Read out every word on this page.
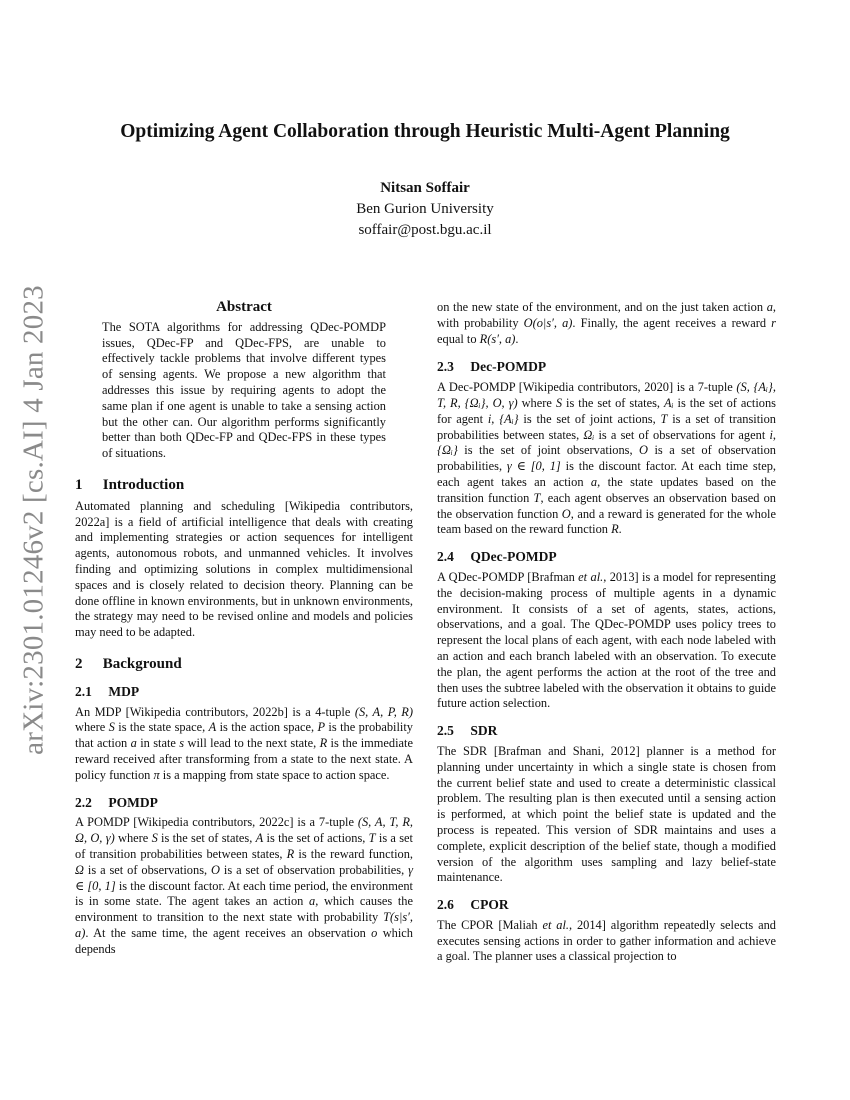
arXiv:2301.01246v2 [cs.AI] 4 Jan 2023
Optimizing Agent Collaboration through Heuristic Multi-Agent Planning
Nitsan Soffair
Ben Gurion University
soffair@post.bgu.ac.il
Abstract

The SOTA algorithms for addressing QDec-POMDP issues, QDec-FP and QDec-FPS, are unable to effectively tackle problems that involve different types of sensing agents. We propose a new algorithm that addresses this issue by requiring agents to adopt the same plan if one agent is unable to take a sensing action but the other can. Our algorithm performs significantly better than both QDec-FP and QDec-FPS in these types of situations.

1 Introduction

Automated planning and scheduling [Wikipedia contributors, 2022a] is a field of artificial intelligence that deals with creating and implementing strategies or action sequences for intelligent agents, autonomous robots, and unmanned vehicles. It involves finding and optimizing solutions in complex multidimensional spaces and is closely related to decision theory. Planning can be done offline in known environments, but in unknown environments, the strategy may need to be revised online and models and policies may need to be adapted.

2 Background
2.1 MDP

An MDP [Wikipedia contributors, 2022b] is a 4-tuple (S, A, P, R) where S is the state space, A is the action space, P is the probability that action a in state s will lead to the next state, R is the immediate reward received after transforming from a state to the next state. A policy function π is a mapping from state space to action space.

2.2 POMDP

A POMDP [Wikipedia contributors, 2022c] is a 7-tuple (S, A, T, R, Ω, O, γ) where S is the set of states, A is the set of actions, T is a set of transition probabilities between states, R is the reward function, Ω is a set of observations, O is a set of observation probabilities, γ ∈ [0, 1] is the discount factor. At each time period, the environment is in some state. The agent takes an action a, which causes the environment to transition to the next state with probability T(s|s′, a). At the same time, the agent receives an observation o which depends

on the new state of the environment, and on the just taken action a, with probability O(o|s′, a). Finally, the agent receives a reward r equal to R(s′, a).

2.3 Dec-POMDP

A Dec-POMDP [Wikipedia contributors, 2020] is a 7-tuple (S, {Aᵢ}, T, R, {Ωᵢ}, O, γ) where S is the set of states, Aᵢ is the set of actions for agent i, {Aᵢ} is the set of joint actions, T is a set of transition probabilities between states, Ωᵢ is a set of observations for agent i, {Ωᵢ} is the set of joint observations, O is a set of observation probabilities, γ ∈ [0, 1] is the discount factor. At each time step, each agent takes an action a, the state updates based on the transition function T, each agent observes an observation based on the observation function O, and a reward is generated for the whole team based on the reward function R.

2.4 QDec-POMDP

A QDec-POMDP [Brafman et al., 2013] is a model for representing the decision-making process of multiple agents in a dynamic environment. It consists of a set of agents, states, actions, observations, and a goal. The QDec-POMDP uses policy trees to represent the local plans of each agent, with each node labeled with an action and each branch labeled with an observation. To execute the plan, the agent performs the action at the root of the tree and then uses the subtree labeled with the observation it obtains to guide future action selection.

2.5 SDR

The SDR [Brafman and Shani, 2012] planner is a method for planning under uncertainty in which a single state is chosen from the current belief state and used to create a deterministic classical problem. The resulting plan is then executed until a sensing action is performed, at which point the belief state is updated and the process is repeated. This version of SDR maintains and uses a complete, explicit description of the belief state, though a modified version of the algorithm uses sampling and lazy belief-state maintenance.

2.6 CPOR

The CPOR [Maliah et al., 2014] algorithm repeatedly selects and executes sensing actions in order to gather information and achieve a goal. The planner uses a classical projection to
